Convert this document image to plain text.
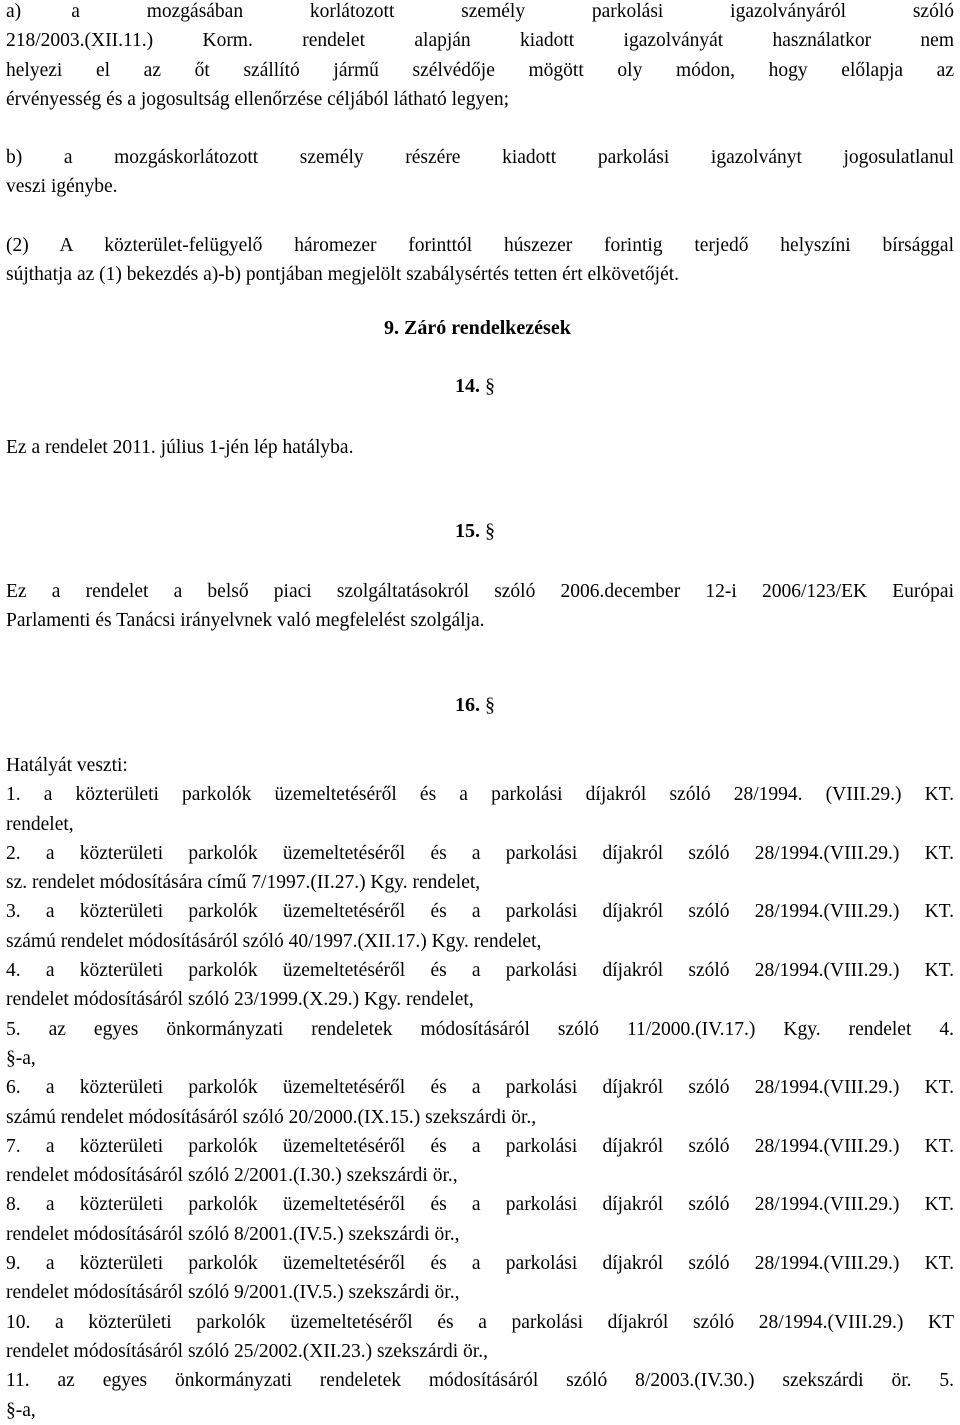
a)   a    mozgásában    korlátozott    személy    parkolási    igazolványáról    szóló
218/2003.(XII.11.) Korm. rendelet alapján kiadott igazolványát használatkor nem
helyezi el az őt szállító jármű szélvédője mögött oly módon, hogy előlapja az
érvényesség és a jogosultság ellenőrzése céljából látható legyen;
b) a mozgáskorlátozott személy részére kiadott parkolási igazolványt jogosulatlanul
veszi igénybe.
(2) A közterület-felügyelő háromezer forinttól húszezer forintig terjedő helyszíni bírsággal
sújthatja az (1) bekezdés a)-b) pontjában megjelölt szabálysértés tetten ért elkövetőjét.
9. Záró rendelkezések
14. §
Ez a rendelet 2011. július 1-jén lép hatályba.
15. §
Ez a rendelet a belső piaci szolgáltatásokról szóló 2006.december 12-i 2006/123/EK Európai
Parlamenti és Tanácsi irányelvnek való megfelelést szolgálja.
16. §
Hatályát veszti:
1. a közterületi parkolók üzemeltetéséről és a parkolási díjakról szóló 28/1994. (VIII.29.) KT.
rendelet,
2. a közterületi parkolók üzemeltetéséről és a parkolási díjakról szóló 28/1994.(VIII.29.) KT.
sz. rendelet módosítására című 7/1997.(II.27.) Kgy. rendelet,
3. a közterületi parkolók üzemeltetéséről és a parkolási díjakról szóló 28/1994.(VIII.29.) KT.
számú rendelet módosításáról szóló 40/1997.(XII.17.) Kgy. rendelet,
4. a közterületi parkolók üzemeltetéséről és a parkolási díjakról szóló 28/1994.(VIII.29.) KT.
rendelet módosításáról szóló 23/1999.(X.29.) Kgy. rendelet,
5. az egyes önkormányzati rendeletek módosításáról szóló 11/2000.(IV.17.) Kgy. rendelet 4.
§-a,
6. a közterületi parkolók üzemeltetéséről és a parkolási díjakról szóló 28/1994.(VIII.29.) KT.
számú rendelet módosításáról szóló 20/2000.(IX.15.) szekszárdi ör.,
7. a közterületi parkolók üzemeltetéséről és a parkolási díjakról szóló 28/1994.(VIII.29.) KT.
rendelet módosításáról szóló 2/2001.(I.30.) szekszárdi ör.,
8. a közterületi parkolók üzemeltetéséről és a parkolási díjakról szóló 28/1994.(VIII.29.) KT.
rendelet módosításáról szóló 8/2001.(IV.5.) szekszárdi ör.,
9. a közterületi parkolók üzemeltetéséről és a parkolási díjakról szóló 28/1994.(VIII.29.) KT.
rendelet módosításáról szóló 9/2001.(IV.5.) szekszárdi ör.,
10. a közterületi parkolók üzemeltetéséről és a parkolási díjakról szóló 28/1994.(VIII.29.) KT
rendelet módosításáról szóló 25/2002.(XII.23.) szekszárdi ör.,
11. az egyes önkormányzati rendeletek módosításáról szóló 8/2003.(IV.30.) szekszárdi ör. 5.
§-a,
